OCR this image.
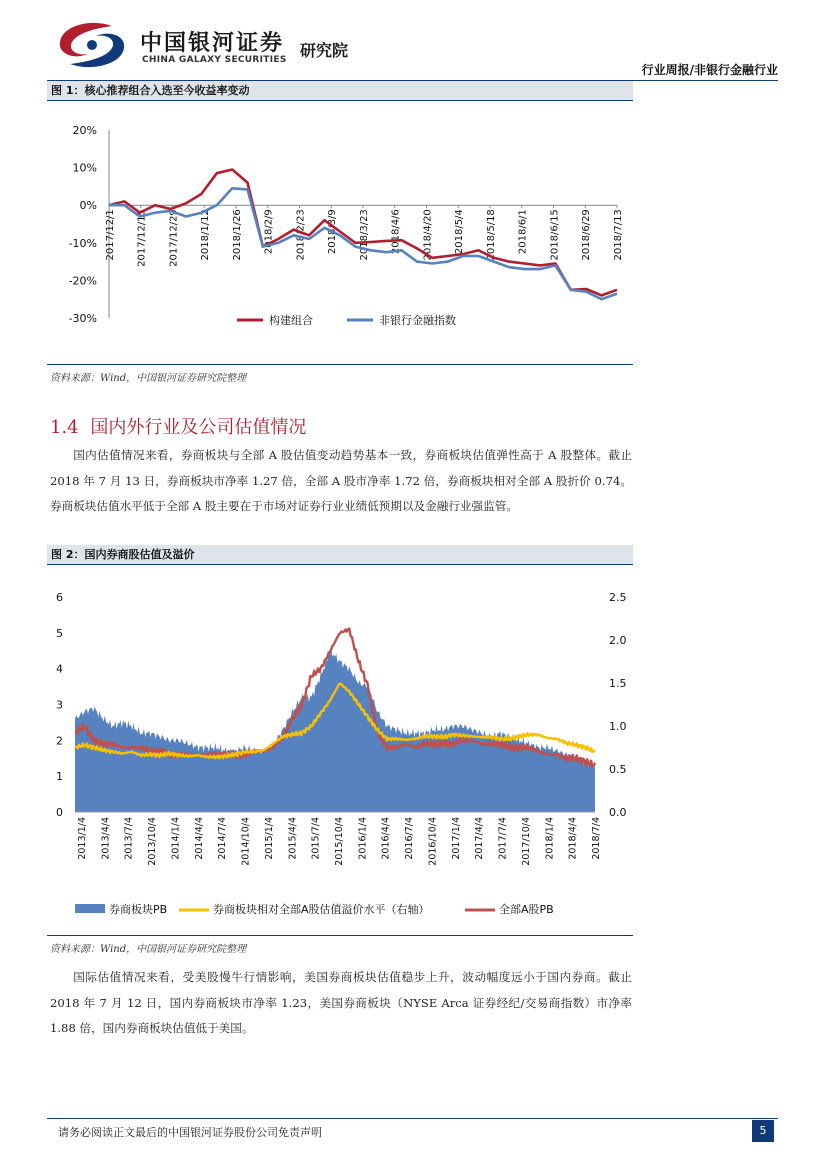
中国银河证券
CHINA GALAXY SECURITIES 研究院
行业周报/非银行金融行业
图 1：核心推荐组合入选至今收益率变动
20%
10%
0%
-10%
-20%
-30%
2017/12/1 2017/12/15 2017/12/29 2018/1/12 2018/1/26 2018/2/9 2018/2/23 2018/3/9 2018/3/23 2018/4/6 2018/4/20 2018/5/4 2018/5/18 2018/6/1 2018/6/15 2018/6/29 2018/7/13
构建组合	非银行金融指数
资料来源：Wind，中国银河证券研究院整理
1.4 国内外行业及公司估值情况

国内估值情况来看，券商板块与全部 A 股估值变动趋势基本一致，券商板块估值弹性高于 A 股整体。截止 2018 年 7 月 13 日，券商板块市净率 1.27 倍，全部 A 股市净率 1.72 倍，券商板块相对全部 A 股折价 0.74。券商板块估值水平低于全部 A 股主要在于市场对证券行业业绩低预期以及金融行业强监管。

图 2：国内券商股估值及溢价
6
5
4
3
2
1
0
2.5
2.0
1.5
1.0
0.5
0.0
2013/1/4 2013/4/4 2013/7/4 2013/10/4 2014/1/4 2014/4/4 2014/7/4 2014/10/4 2015/1/4 2015/4/4 2015/7/4 2015/10/4 2016/1/4 2016/4/4 2016/7/4 2016/10/4 2017/1/4 2017/4/4 2017/7/4 2017/10/4 2018/1/4 2018/4/4 2018/7/4
券商板块PB	券商板块相对全部A股估值溢价水平（右轴）	全部A股PB
资料来源：Wind，中国银河证券研究院整理

国际估值情况来看，受美股慢牛行情影响，美国券商板块估值稳步上升，波动幅度远小于国内券商。截止 2018 年 7 月 12 日，国内券商板块市净率 1.23，美国券商板块（NYSE Arca 证券经纪/交易商指数）市净率 1.88 倍，国内券商板块估值低于美国。

请务必阅读正文最后的中国银河证券股份公司免责声明	5
